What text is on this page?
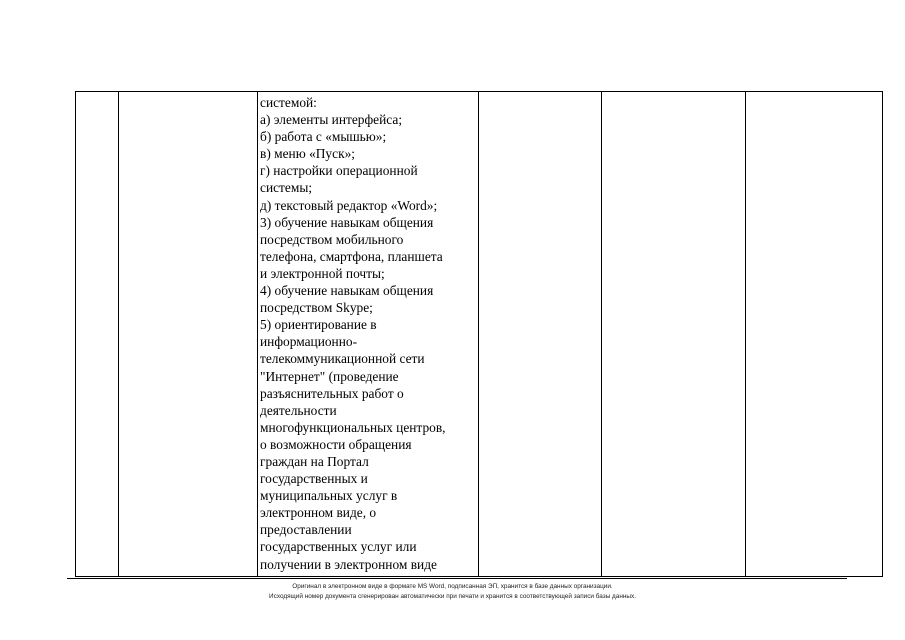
системой:
а) элементы интерфейса;
б) работа с «мышью»;
в) меню «Пуск»;
г) настройки операционной
системы;
д) текстовый редактор «Word»;
3) обучение навыкам общения
посредством мобильного
телефона, смартфона, планшета
и электронной почты;
4) обучение навыкам общения
посредством Skype;
5) ориентирование в
информационно-
телекоммуникационной сети
"Интернет" (проведение
разъяснительных работ о
деятельности
многофункциональных центров,
о возможности обращения
граждан на Портал
государственных и
муниципальных услуг в
электронном виде, о
предоставлении
государственных услуг или
получении в электронном виде
Оригинал в электронном виде в формате MS Word, подписанная ЭП, хранится в базе данных организации.
Исходящий номер документа сгенерирован автоматически при печати и хранится в соответствующей записи базы данных.
